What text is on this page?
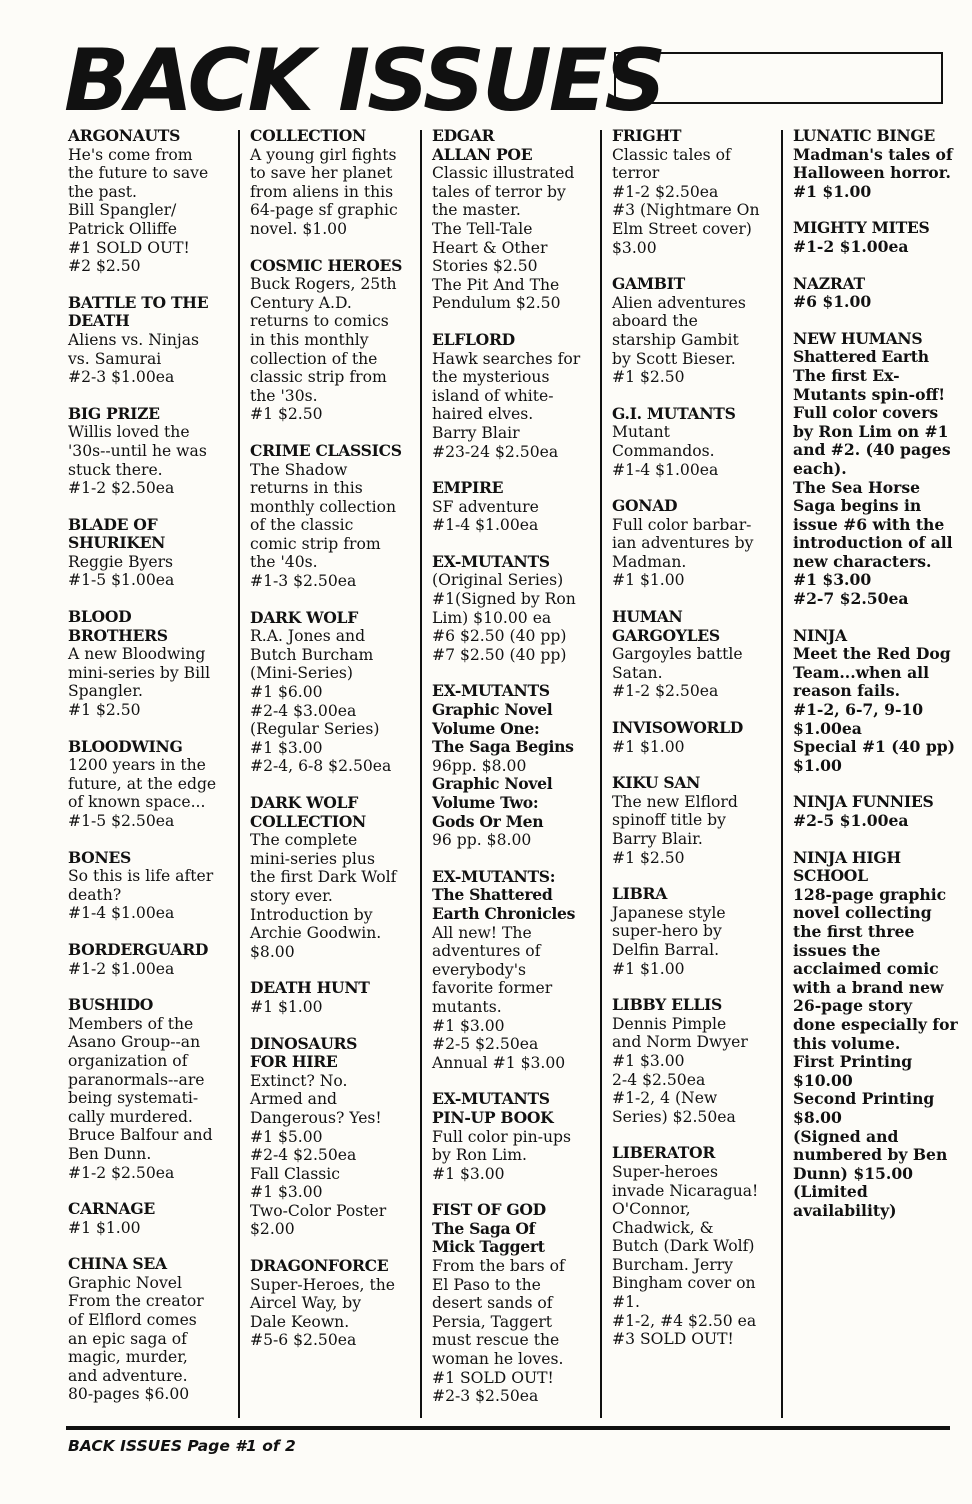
BACK ISSUES
ARGONAUTS
He's come from
the future to save
the past.
Bill Spangler/
Patrick Olliffe
#1 SOLD OUT!
#2 $2.50
BATTLE TO THE
DEATH
Aliens vs. Ninjas
vs. Samurai
#2-3 $1.00ea
BIG PRIZE
Willis loved the
'30s--until he was
stuck there.
#1-2 $2.50ea
BLADE OF
SHURIKEN
Reggie Byers
#1-5 $1.00ea
BLOOD
BROTHERS
A new Bloodwing
mini-series by Bill
Spangler.
#1 $2.50
BLOODWING
1200 years in the
future, at the edge
of known space...
#1-5 $2.50ea
BONES
So this is life after
death?
#1-4 $1.00ea
BORDERGUARD
#1-2 $1.00ea
BUSHIDO
Members of the
Asano Group--an
organization of
paranormals--are
being systemati-
cally murdered.
Bruce Balfour and
Ben Dunn.
#1-2 $2.50ea
CARNAGE
#1 $1.00
CHINA SEA
Graphic Novel
From the creator
of Elflord comes
an epic saga of
magic, murder,
and adventure.
80-pages $6.00
COLLECTION
A young girl fights
to save her planet
from aliens in this
64-page sf graphic
novel. $1.00
COSMIC HEROES
Buck Rogers, 25th
Century A.D.
returns to comics
in this monthly
collection of the
classic strip from
the '30s.
#1 $2.50
CRIME CLASSICS
The Shadow
returns in this
monthly collection
of the classic
comic strip from
the '40s.
#1-3 $2.50ea
DARK WOLF
R.A. Jones and
Butch Burcham
(Mini-Series)
#1 $6.00
#2-4 $3.00ea
(Regular Series)
#1 $3.00
#2-4, 6-8 $2.50ea
DARK WOLF
COLLECTION
The complete
mini-series plus
the first Dark Wolf
story ever.
Introduction by
Archie Goodwin.
$8.00
DEATH HUNT
#1 $1.00
DINOSAURS
FOR HIRE
Extinct? No.
Armed and
Dangerous? Yes!
#1 $5.00
#2-4 $2.50ea
Fall Classic
#1 $3.00
Two-Color Poster
$2.00
DRAGONFORCE
Super-Heroes, the
Aircel Way, by
Dale Keown.
#5-6 $2.50ea
EDGAR
ALLAN POE
Classic illustrated
tales of terror by
the master.
The Tell-Tale
Heart & Other
Stories $2.50
The Pit And The
Pendulum $2.50
ELFLORD
Hawk searches for
the mysterious
island of white-
haired elves.
Barry Blair
#23-24 $2.50ea
EMPIRE
SF adventure
#1-4 $1.00ea
EX-MUTANTS
(Original Series)
#1(Signed by Ron
Lim) $10.00 ea
#6 $2.50 (40 pp)
#7 $2.50 (40 pp)
EX-MUTANTS
Graphic Novel
Volume One:
The Saga Begins
96pp. $8.00
Graphic Novel
Volume Two:
Gods Or Men
96 pp. $8.00
EX-MUTANTS:
The Shattered
Earth Chronicles
All new! The
adventures of
everybody's
favorite former
mutants.
#1 $3.00
#2-5 $2.50ea
Annual #1 $3.00
EX-MUTANTS
PIN-UP BOOK
Full color pin-ups
by Ron Lim.
#1 $3.00
FIST OF GOD
The Saga Of
Mick Taggert
From the bars of
El Paso to the
desert sands of
Persia, Taggert
must rescue the
woman he loves.
#1 SOLD OUT!
#2-3 $2.50ea
FRIGHT
Classic tales of
terror
#1-2 $2.50ea
#3 (Nightmare On
Elm Street cover)
$3.00
GAMBIT
Alien adventures
aboard the
starship Gambit
by Scott Bieser.
#1 $2.50
G.I. MUTANTS
Mutant
Commandos.
#1-4 $1.00ea
GONAD
Full color barbar-
ian adventures by
Madman.
#1 $1.00
HUMAN
GARGOYLES
Gargoyles battle
Satan.
#1-2 $2.50ea
INVISOWORLD
#1 $1.00
KIKU SAN
The new Elflord
spinoff title by
Barry Blair.
#1 $2.50
LIBRA
Japanese style
super-hero by
Delfin Barral.
#1 $1.00
LIBBY ELLIS
Dennis Pimple
and Norm Dwyer
#1 $3.00
2-4 $2.50ea
#1-2, 4 (New
Series) $2.50ea
LIBERATOR
Super-heroes
invade Nicaragua!
O'Connor,
Chadwick, &
Butch (Dark Wolf)
Burcham. Jerry
Bingham cover on
#1.
#1-2, #4 $2.50 ea
#3 SOLD OUT!
LUNATIC BINGE
Madman's tales of
Halloween horror.
#1 $1.00
MIGHTY MITES
#1-2 $1.00ea
NAZRAT
#6 $1.00
NEW HUMANS
Shattered Earth
The first Ex-
Mutants spin-off!
Full color covers
by Ron Lim on #1
and #2. (40 pages
each).
The Sea Horse
Saga begins in
issue #6 with the
introduction of all
new characters.
#1 $3.00
#2-7 $2.50ea
NINJA
Meet the Red Dog
Team...when all
reason fails.
#1-2, 6-7, 9-10
$1.00ea
Special #1 (40 pp)
$1.00
NINJA FUNNIES
#2-5 $1.00ea
NINJA HIGH
SCHOOL
128-page graphic
novel collecting
the first three
issues the
acclaimed comic
with a brand new
26-page story
done especially for
this volume.
First Printing
$10.00
Second Printing
$8.00
(Signed and
numbered by Ben
Dunn) $15.00
(Limited
availability)
BACK ISSUES Page #1 of 2
